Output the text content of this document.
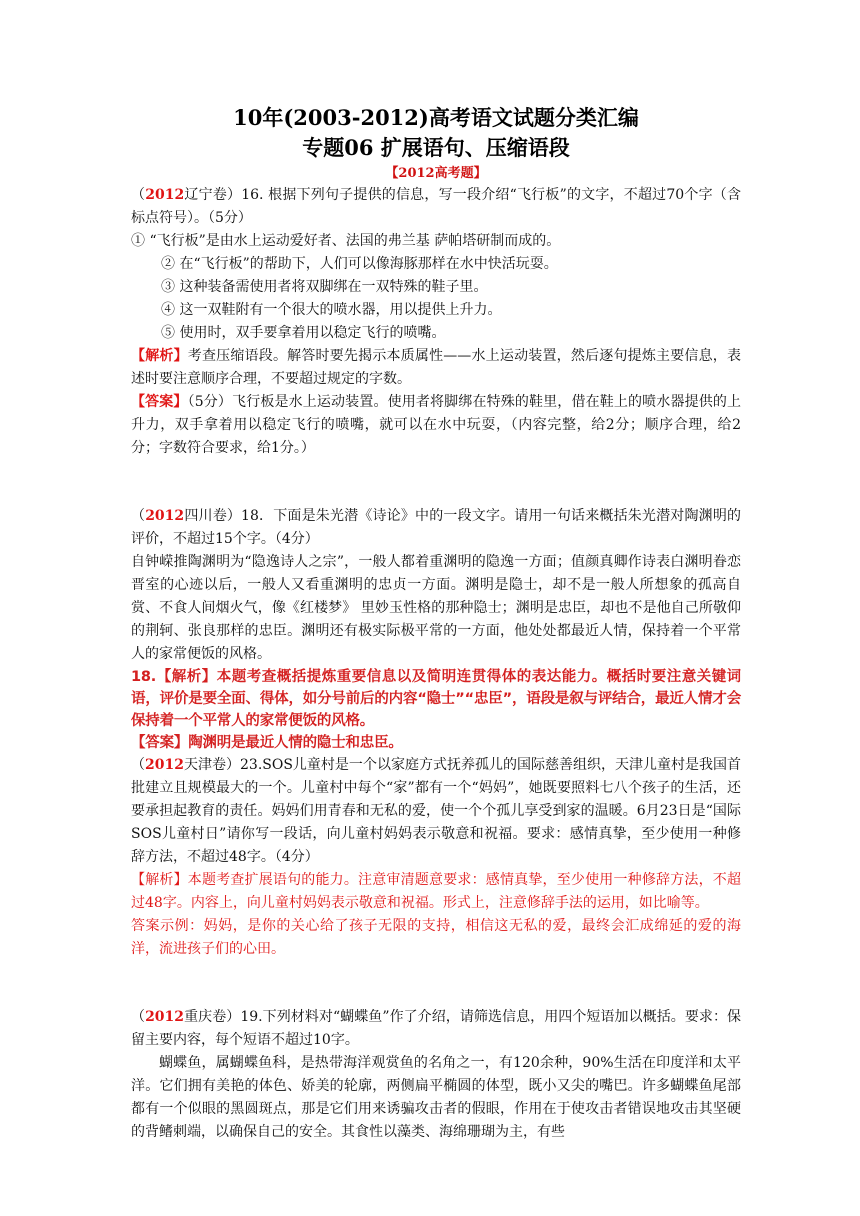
10年(2003-2012)高考语文试题分类汇编
专题06 扩展语句、压缩语段
【2012高考题】

（2012辽宁卷）16. 根据下列句子提供的信息，写一段介绍“飞行板”的文字，不超过70个字（含标点符号）。（5分）

① “飞行板”是由水上运动爱好者、法国的弗兰基 萨帕塔研制而成的。

② 在“飞行板”的帮助下，人们可以像海豚那样在水中快活玩耍。

③ 这种装备需使用者将双脚绑在一双特殊的鞋子里。

④ 这一双鞋附有一个很大的喷水器，用以提供上升力。

⑤ 使用时，双手要拿着用以稳定飞行的喷嘴。

【解析】考查压缩语段。解答时要先揭示本质属性——水上运动装置，然后逐句提炼主要信息，表述时要注意顺序合理，不要超过规定的字数。

【答案】（5分）飞行板是水上运动装置。使用者将脚绑在特殊的鞋里，借在鞋上的喷水器提供的上升力，双手拿着用以稳定飞行的喷嘴，就可以在水中玩耍，（内容完整，给2分；顺序合理，给2分；字数符合要求，给1分。）

（2012四川卷）18．下面是朱光潜《诗论》中的一段文字。请用一句话来概括朱光潜对陶渊明的评价，不超过15个字。（4分）

自钟嵘推陶渊明为“隐逸诗人之宗”，一般人都着重渊明的隐逸一方面；值颜真卿作诗表白渊明眷恋晋室的心迹以后，一般人又看重渊明的忠贞一方面。渊明是隐士，却不是一般人所想象的孤高自赏、不食人间烟火气，像《红楼梦》 里妙玉性格的那种隐士；渊明是忠臣，却也不是他自己所敬仰的荆轲、张良那样的忠臣。渊明还有极实际极平常的一方面，他处处都最近人情，保持着一个平常人的家常便饭的风格。

18.【解析】本题考查概括提炼重要信息以及简明连贯得体的表达能力。概括时要注意关键词语，评价是要全面、得体，如分号前后的内容“隐士”“忠臣”，语段是叙与评结合，最近人情才会保持着一个平常人的家常便饭的风格。

【答案】陶渊明是最近人情的隐士和忠臣。

（2012天津卷）23.SOS儿童村是一个以家庭方式抚养孤儿的国际慈善组织，天津儿童村是我国首批建立且规模最大的一个。儿童村中每个“家”都有一个“妈妈”，她既要照料七八个孩子的生活，还要承担起教育的责任。妈妈们用青春和无私的爱，使一个个孤儿享受到家的温暖。6月23日是“国际SOS儿童村日”请你写一段话，向儿童村妈妈表示敬意和祝福。要求：感情真挚，至少使用一种修辞方法，不超过48字。（4分）

【解析】本题考查扩展语句的能力。注意审清题意要求：感情真挚，至少使用一种修辞方法，不超过48字。内容上，向儿童村妈妈表示敬意和祝福。形式上，注意修辞手法的运用，如比喻等。

答案示例：妈妈，是你的关心给了孩子无限的支持，相信这无私的爱，最终会汇成绵延的爱的海洋，流进孩子们的心田。

（2012重庆卷）19.下列材料对“蝴蝶鱼”作了介绍，请筛选信息，用四个短语加以概括。要求：保留主要内容，每个短语不超过10字。

蝴蝶鱼，属蝴蝶鱼科，是热带海洋观赏鱼的名角之一，有120余种，90%生活在印度洋和太平洋。它们拥有美艳的体色、娇美的轮廓，两侧扁平椭圆的体型，既小又尖的嘴巴。许多蝴蝶鱼尾部都有一个似眼的黑圆斑点，那是它们用来诱骗攻击者的假眼，作用在于使攻击者错误地攻击其坚硬的背鳍刺端，以确保自己的安全。其食性以藻类、海绵珊瑚为主，有些
